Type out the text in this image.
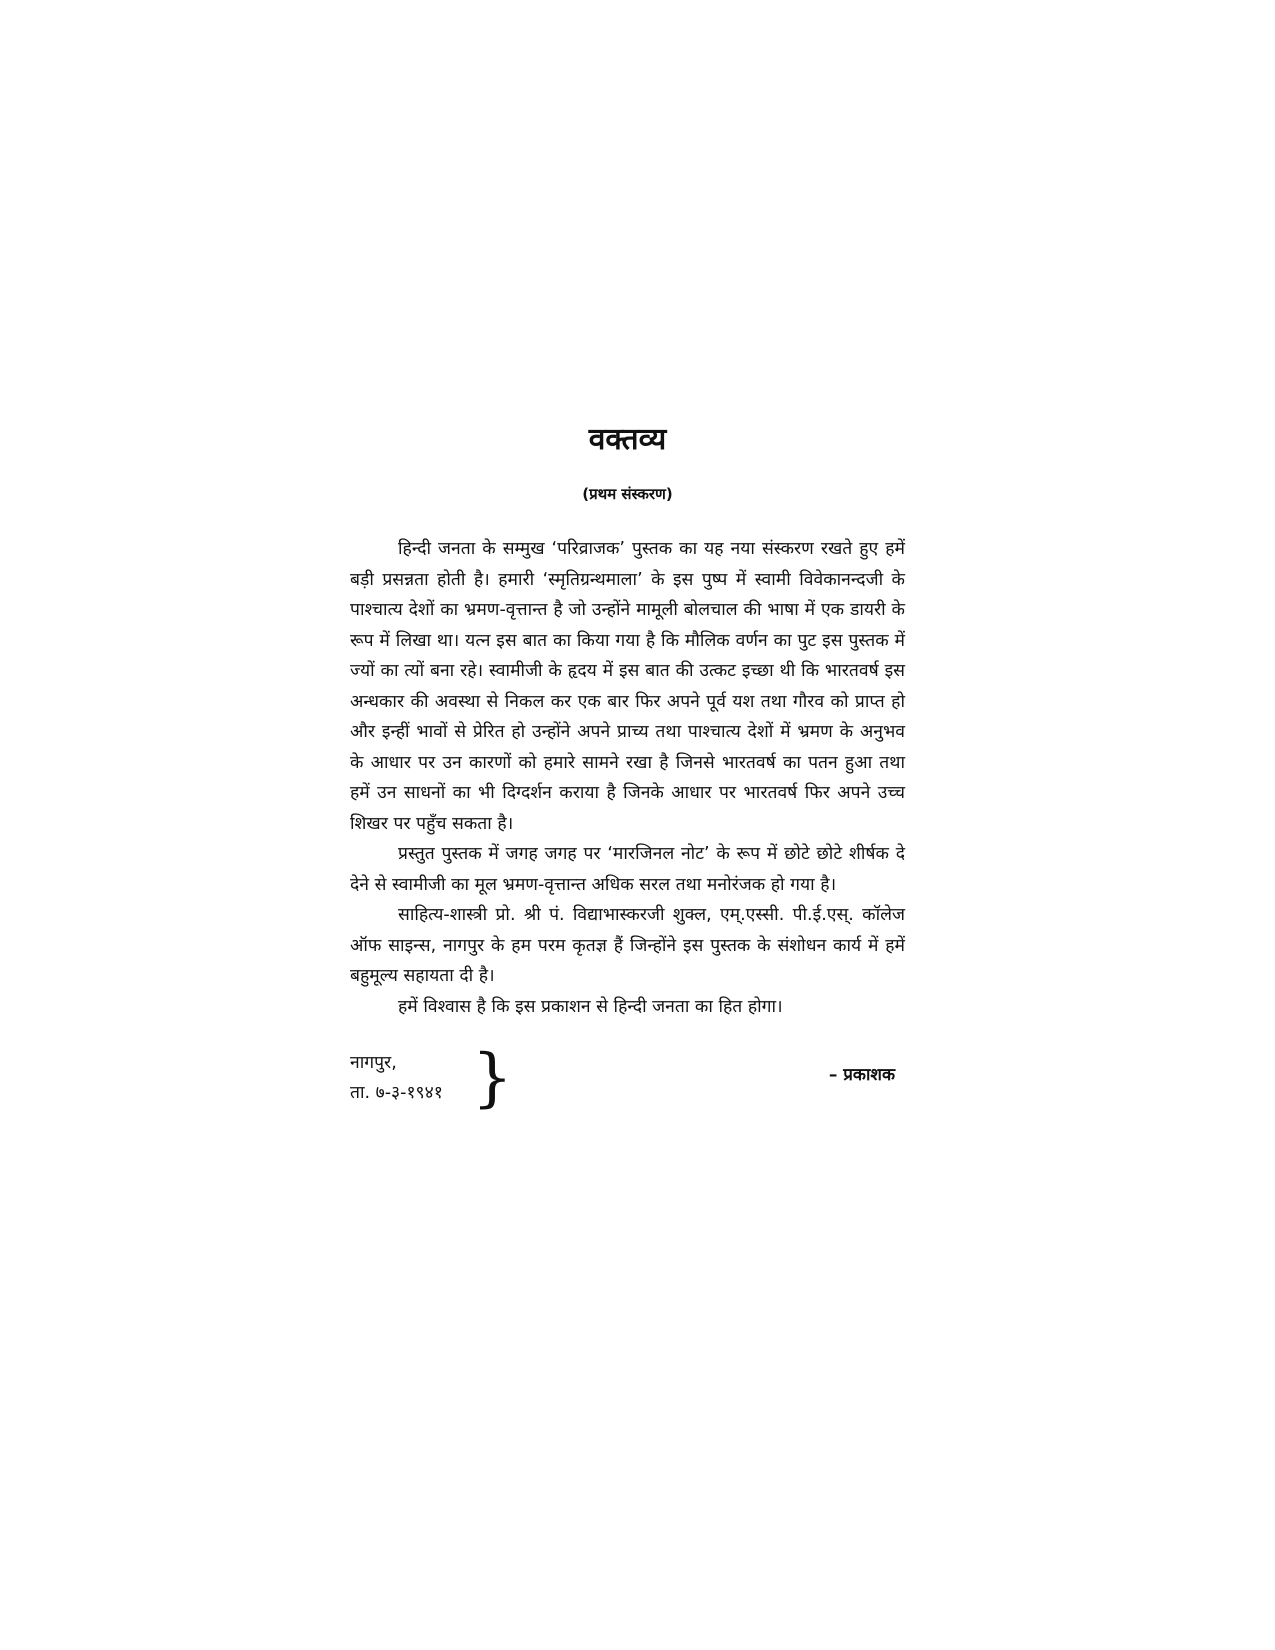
वक्तव्य
(प्रथम संस्करण)

हिन्दी जनता के सम्मुख ‘परिव्राजक’ पुस्तक का यह नया संस्करण रखते हुए हमें बड़ी प्रसन्नता होती है। हमारी ‘स्मृतिग्रन्थमाला’ के इस पुष्प में स्वामी विवेकानन्दजी के पाश्चात्य देशों का भ्रमण-वृत्तान्त है जो उन्होंने मामूली बोलचाल की भाषा में एक डायरी के रूप में लिखा था। यत्न इस बात का किया गया है कि मौलिक वर्णन का पुट इस पुस्तक में ज्यों का त्यों बना रहे। स्वामीजी के हृदय में इस बात की उत्कट इच्छा थी कि भारतवर्ष इस अन्धकार की अवस्था से निकल कर एक बार फिर अपने पूर्व यश तथा गौरव को प्राप्त हो और इन्हीं भावों से प्रेरित हो उन्होंने अपने प्राच्य तथा पाश्चात्य देशों में भ्रमण के अनुभव के आधार पर उन कारणों को हमारे सामने रखा है जिनसे भारतवर्ष का पतन हुआ तथा हमें उन साधनों का भी दिग्दर्शन कराया है जिनके आधार पर भारतवर्ष फिर अपने उच्च शिखर पर पहुँच सकता है।

प्रस्तुत पुस्तक में जगह जगह पर ‘मारजिनल नोट’ के रूप में छोटे छोटे शीर्षक दे देने से स्वामीजी का मूल भ्रमण-वृत्तान्त अधिक सरल तथा मनोरंजक हो गया है।

साहित्य-शास्त्री प्रो. श्री पं. विद्याभास्करजी शुक्ल, एम्.एस्सी. पी.ई.एस्. कॉलेज ऑफ साइन्स, नागपुर के हम परम कृतज्ञ हैं जिन्होंने इस पुस्तक के संशोधन कार्य में हमें बहुमूल्य सहायता दी है।

हमें विश्वास है कि इस प्रकाशन से हिन्दी जनता का हित होगा।

नागपुर,
ता. ७-३-१९४१ }	– प्रकाशक
